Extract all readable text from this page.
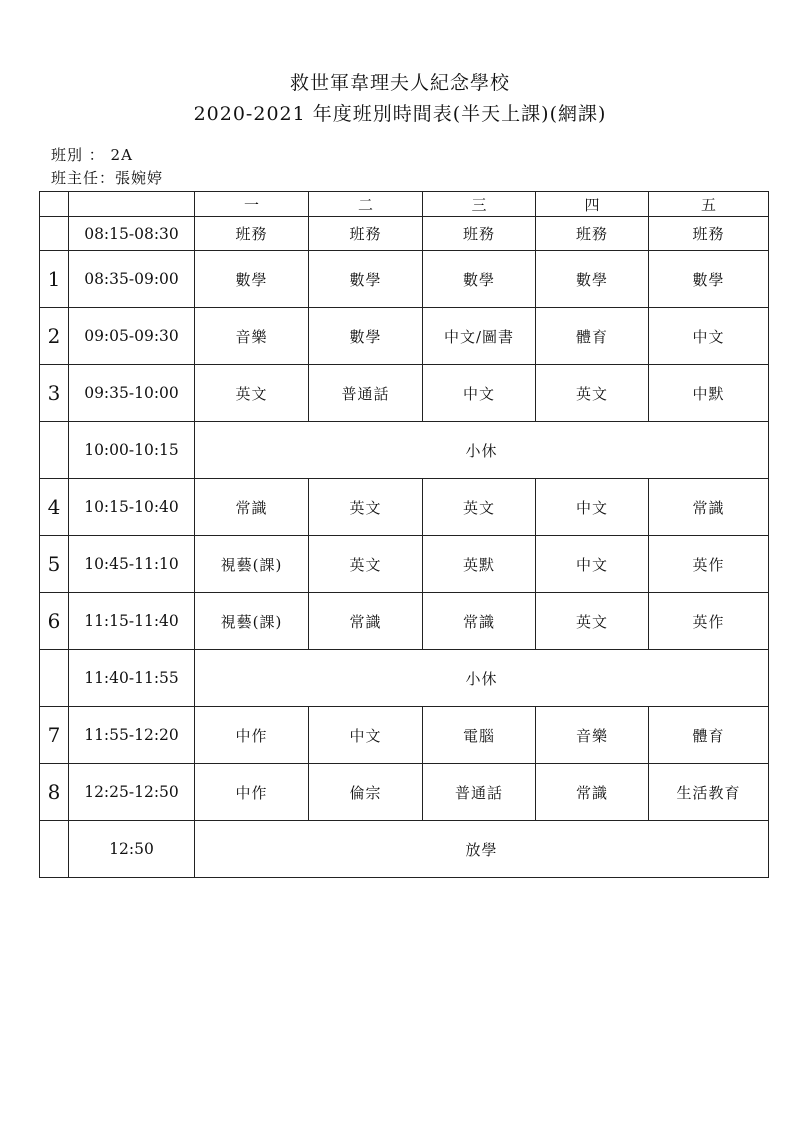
救世軍韋理夫人紀念學校
2020-2021 年度班別時間表(半天上課)(網課)
班別 ： 2A
班主任：張婉婷
		一	二	三	四	五
	08:15-08:30	班務	班務	班務	班務	班務
1	08:35-09:00	數學	數學	數學	數學	數學
2	09:05-09:30	音樂	數學	中文/圖書	體育	中文
3	09:35-10:00	英文	普通話	中文	英文	中默
	10:00-10:15	小休				
4	10:15-10:40	常識	英文	英文	中文	常識
5	10:45-11:10	視藝(課)	英文	英默	中文	英作
6	11:15-11:40	視藝(課)	常識	常識	英文	英作
	11:40-11:55	小休				
7	11:55-12:20	中作	中文	電腦	音樂	體育
8	12:25-12:50	中作	倫宗	普通話	常識	生活教育
	12:50	放學				
